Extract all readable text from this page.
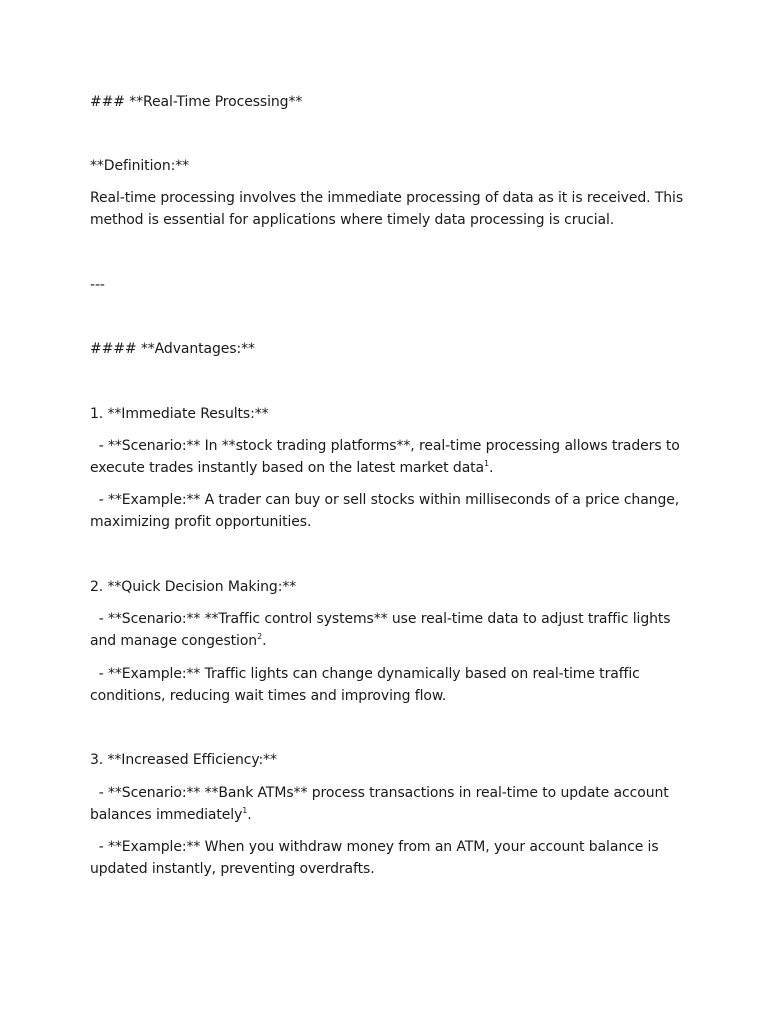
### **Real-Time Processing**
**Definition:**
Real-time processing involves the immediate processing of data as it is received. This method is essential for applications where timely data processing is crucial.
---
#### **Advantages:**
1. **Immediate Results:**
- **Scenario:** In **stock trading platforms**, real-time processing allows traders to execute trades instantly based on the latest market data$^1$.
- **Example:** A trader can buy or sell stocks within milliseconds of a price change, maximizing profit opportunities.
2. **Quick Decision Making:**
- **Scenario:** **Traffic control systems** use real-time data to adjust traffic lights and manage congestion$^2$.
- **Example:** Traffic lights can change dynamically based on real-time traffic conditions, reducing wait times and improving flow.
3. **Increased Efficiency:**
- **Scenario:** **Bank ATMs** process transactions in real-time to update account balances immediately$^1$.
- **Example:** When you withdraw money from an ATM, your account balance is updated instantly, preventing overdrafts.
